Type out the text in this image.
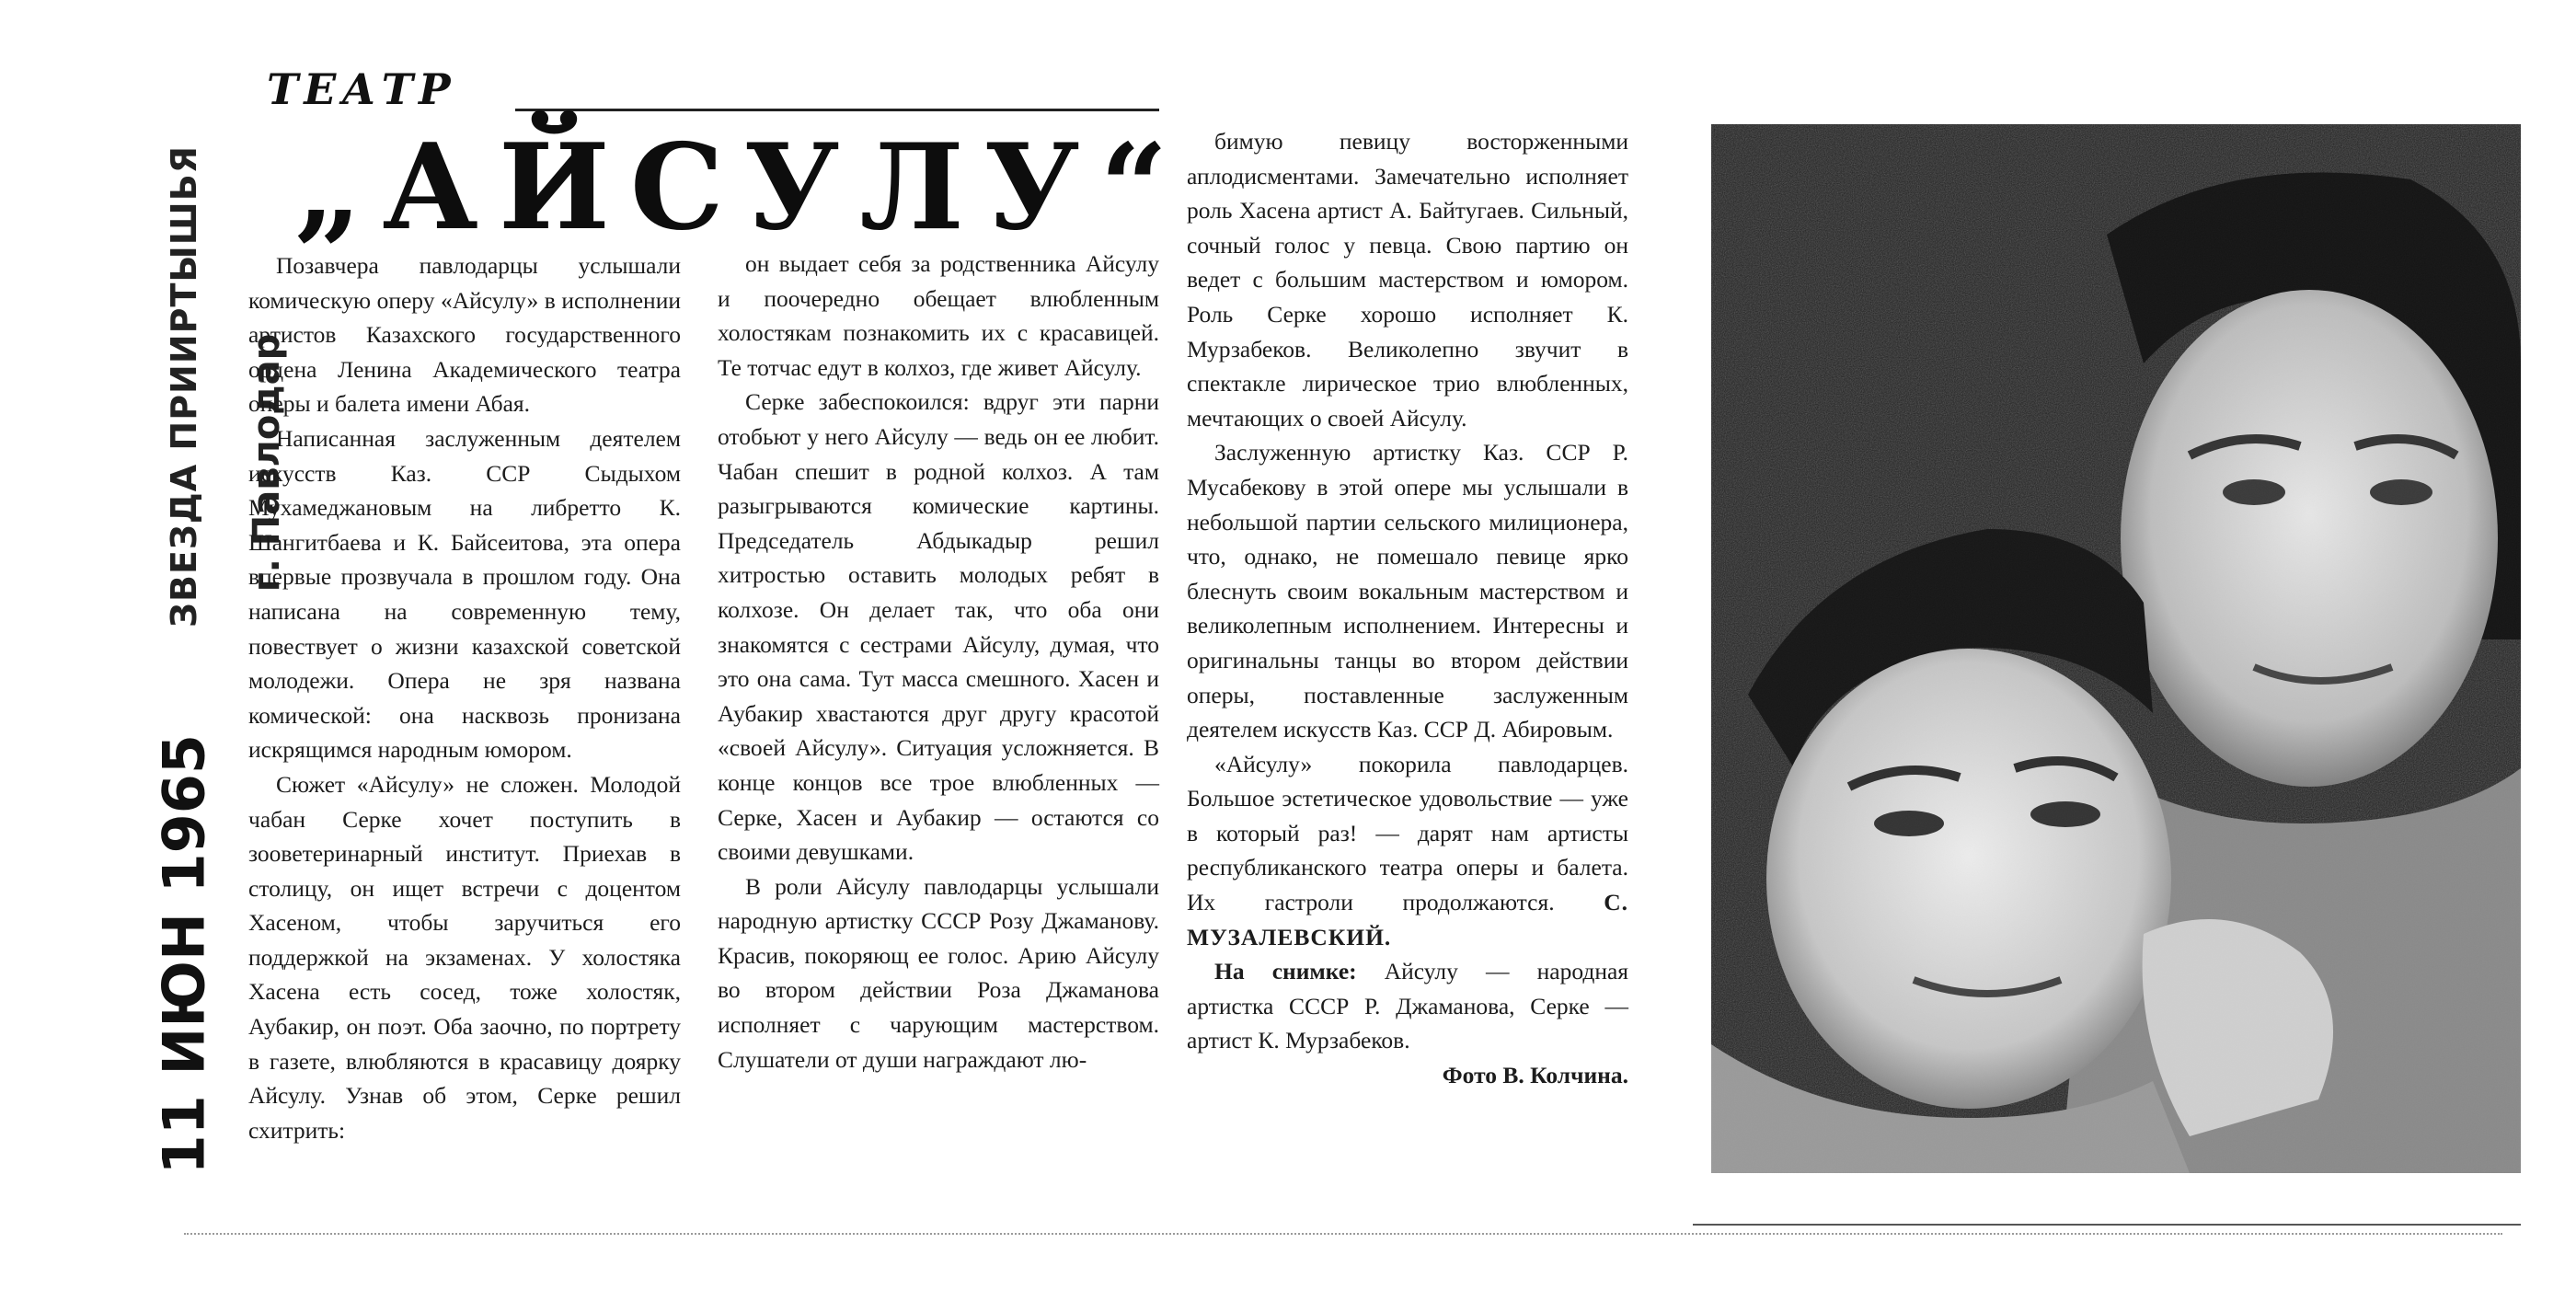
ЗВЕЗДА ПРИИРТЫШЬЯ г. Павлодар
11 ИЮН 1965
ТЕАТР
„АЙСУЛУ“

Позавчера павлодарцы услышали комическую оперу «Айсулу» в исполнении артистов Казахского государственного ордена Ленина Академического театра оперы и балета имени Абая.

Написанная заслуженным деятелем искусств Каз. ССР Сыдыхом Мухамеджановым на либретто К. Шангитбаева и К. Байсеитова, эта опера впервые прозвучала в прошлом году. Она написана на современную тему, повествует о жизни казахской советской молодежи. Опера не зря названа комической: она насквозь пронизана искрящимся народным юмором.

Сюжет «Айсулу» не сложен. Молодой чабан Серке хочет поступить в зооветеринарный институт. Приехав в столицу, он ищет встречи с доцентом Хасеном, чтобы заручиться его поддержкой на экзаменах. У холостяка Хасена есть сосед, тоже холостяк, Аубакир, он поэт. Оба заочно, по портрету в газете, влюбляются в красавицу доярку Айсулу. Узнав об этом, Серке решил схитрить:

он выдает себя за родственника Айсулу и поочередно обещает влюбленным холостякам познакомить их с красавицей. Те тотчас едут в колхоз, где живет Айсулу.

Серке забеспокоился: вдруг эти парни отобьют у него Айсулу — ведь он ее любит. Чабан спешит в родной колхоз. А там разыгрываются комические картины. Председатель Абдыкадыр решил хитростью оставить молодых ребят в колхозе. Он делает так, что оба они знакомятся с сестрами Айсулу, думая, что это она сама. Тут масса смешного. Хасен и Аубакир хвастаются друг другу красотой «своей Айсулу». Ситуация усложняется. В конце концов все трое влюбленных —Серке, Хасен и Аубакир — остаются со своими девушками.

В роли Айсулу павлодарцы услышали народную артистку СССР Розу Джаманову. Красив, покоряющ ее голос. Арию Айсулу во втором действии Роза Джаманова исполняет с чарующим мастерством. Слушатели от души награждают лю-

бимую певицу восторженными аплодисментами. Замечательно исполняет роль Хасена артист А. Байтугаев. Сильный, сочный голос у певца. Свою партию он ведет с большим мастерством и юмором. Роль Серке хорошо исполняет К. Мурзабеков. Великолепно звучит в спектакле лирическое трио влюбленных, мечтающих о своей Айсулу.

Заслуженную артистку Каз. ССР Р. Мусабекову в этой опере мы услышали в небольшой партии сельского милиционера, что, однако, не помешало певице ярко блеснуть своим вокальным мастерством и великолепным исполнением. Интересны и оригинальны танцы во втором действии оперы, поставленные заслуженным деятелем искусств Каз. ССР Д. Абировым.

«Айсулу» покорила павлодарцев. Большое эстетическое удовольствие — уже в который раз! — дарят нам артисты республиканского театра оперы и балета. Их гастроли продолжаются. С. МУЗАЛЕВСКИЙ.

На снимке: Айсулу — народная артистка СССР Р. Джаманова, Серке — артист К. Мурзабеков.

Фото В. Колчина.
